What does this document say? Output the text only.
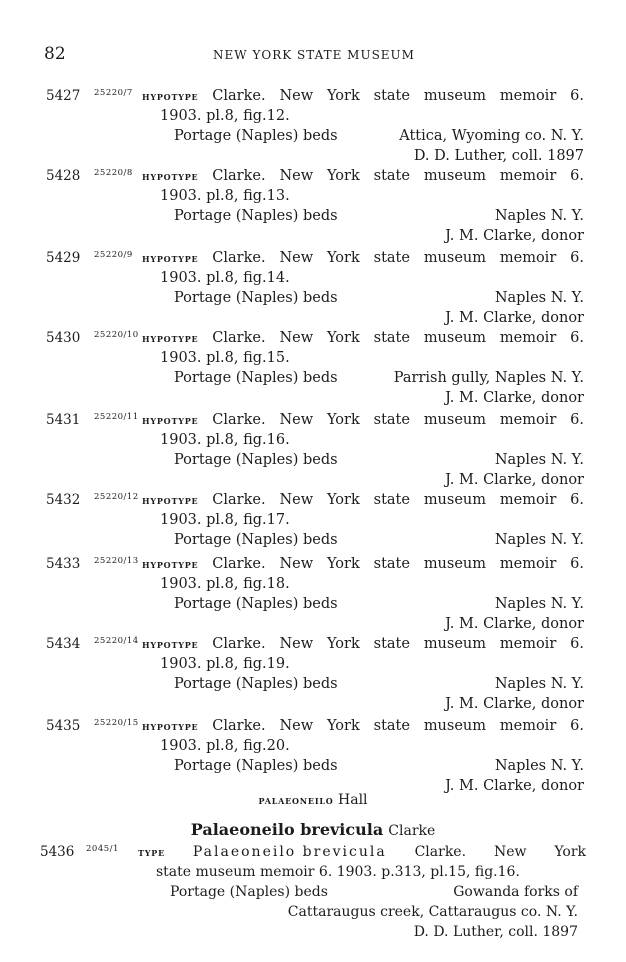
82	NEW YORK STATE MUSEUM
5427 25220/7 hypotype Clarke. New York state museum memoir 6.
1903. pl.8, fig.12.
Portage (Naples) beds	Attica, Wyoming co. N. Y.
D. D. Luther, coll. 1897
5428 25220/8 hypotype Clarke. New York state museum memoir 6.
1903. pl.8, fig.13.
Portage (Naples) beds	Naples N. Y.
J. M. Clarke, donor
5429 25220/9 hypotype Clarke. New York state museum memoir 6.
1903. pl.8, fig.14.
Portage (Naples) beds	Naples N. Y.
J. M. Clarke, donor
5430 25220/10 hypotype Clarke. New York state museum memoir 6.
1903. pl.8, fig.15.
Portage (Naples) beds	Parrish gully, Naples N. Y.
J. M. Clarke, donor
5431 25220/11 hypotype Clarke. New York state museum memoir 6.
1903. pl.8, fig.16.
Portage (Naples) beds	Naples N. Y.
J. M. Clarke, donor
5432 25220/12 hypotype Clarke. New York state museum memoir 6.
1903. pl.8, fig.17.
Portage (Naples) beds	Naples N. Y.
5433 25220/13 hypotype Clarke. New York state museum memoir 6.
1903. pl.8, fig.18.
Portage (Naples) beds	Naples N. Y.
J. M. Clarke, donor
5434 25220/14 hypotype Clarke. New York state museum memoir 6.
1903. pl.8, fig.19.
Portage (Naples) beds	Naples N. Y.
J. M. Clarke, donor
5435 25220/15 hypotype Clarke. New York state museum memoir 6.
1903. pl.8, fig.20.
Portage (Naples) beds	Naples N. Y.
J. M. Clarke, donor
palaeoneilo Hall
Palaeoneilo brevicula Clarke
5436 2045/1 type Palaeoneilo brevicula Clarke. New York
state museum memoir 6. 1903. p.313, pl.15, fig.16.
Portage (Naples) beds	Gowanda forks of
Cattaraugus creek, Cattaraugus co. N. Y.
D. D. Luther, coll. 1897
